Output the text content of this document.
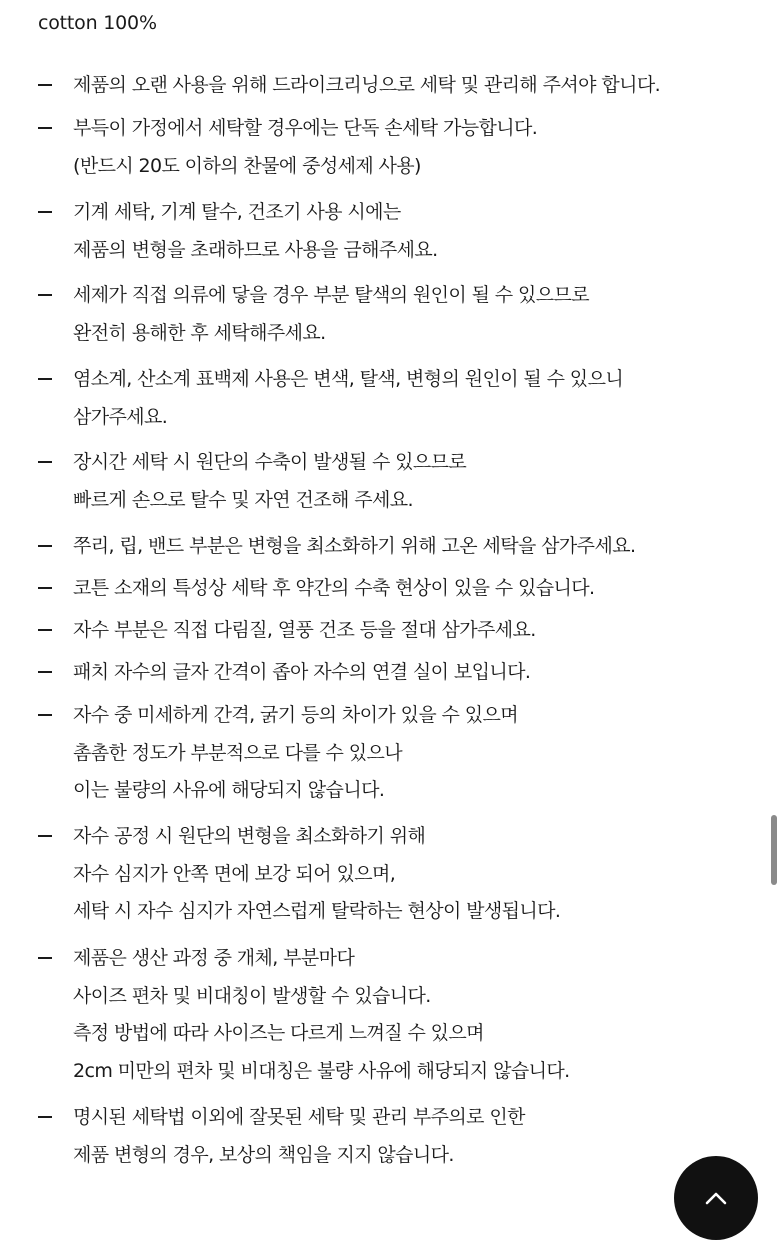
cotton 100%
제품의 오랜 사용을 위해 드라이크리닝으로 세탁 및 관리해 주셔야 합니다.
부득이 가정에서 세탁할 경우에는 단독 손세탁 가능합니다.
(반드시 20도 이하의 찬물에 중성세제 사용)
기계 세탁, 기계 탈수, 건조기 사용 시에는
제품의 변형을 초래하므로 사용을 금해주세요.
세제가 직접 의류에 닿을 경우 부분 탈색의 원인이 될 수 있으므로
완전히 용해한 후 세탁해주세요.
염소계, 산소계 표백제 사용은 변색, 탈색, 변형의 원인이 될 수 있으니
삼가주세요.
장시간 세탁 시 원단의 수축이 발생될 수 있으므로
빠르게 손으로 탈수 및 자연 건조해 주세요.
쭈리, 립, 밴드 부분은 변형을 최소화하기 위해 고온 세탁을 삼가주세요.
코튼 소재의 특성상 세탁 후 약간의 수축 현상이 있을 수 있습니다.
자수 부분은 직접 다림질, 열풍 건조 등을 절대 삼가주세요.
패치 자수의 글자 간격이 좁아 자수의 연결 실이 보입니다.
자수 중 미세하게 간격, 굵기 등의 차이가 있을 수 있으며
촘촘한 정도가 부분적으로 다를 수 있으나
이는 불량의 사유에 해당되지 않습니다.
자수 공정 시 원단의 변형을 최소화하기 위해
자수 심지가 안쪽 면에 보강 되어 있으며,
세탁 시 자수 심지가 자연스럽게 탈락하는 현상이 발생됩니다.
제품은 생산 과정 중 개체, 부분마다
사이즈 편차 및 비대칭이 발생할 수 있습니다.
측정 방법에 따라 사이즈는 다르게 느껴질 수 있으며
2cm 미만의 편차 및 비대칭은 불량 사유에 해당되지 않습니다.
명시된 세탁법 이외에 잘못된 세탁 및 관리 부주의로 인한
제품 변형의 경우, 보상의 책임을 지지 않습니다.
